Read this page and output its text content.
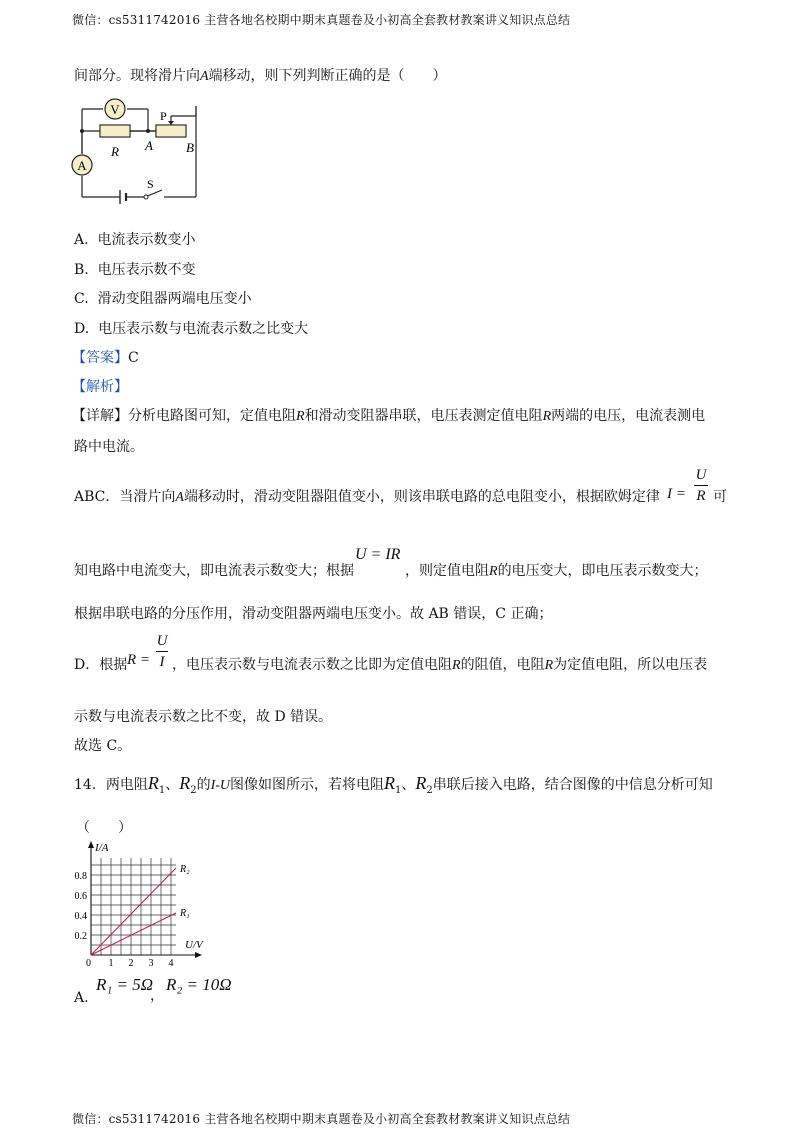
微信：cs5311742016 主营各地名校期中期末真题卷及小初高全套教材教案讲义知识点总结
间部分。现将滑片向A端移动，则下列判断正确的是（　　）
V
A
P
R A	B
S
A. 电流表示数变小
B. 电压表示数不变
C. 滑动变阻器两端电压变小
D. 电压表示数与电流表示数之比变大
【答案】C
【解析】
【详解】分析电路图可知，定值电阻R和滑动变阻器串联，电压表测定值电阻R两端的电压，电流表测电
路中电流。
ABC．当滑片向A端移动时，滑动变阻器阻值变小，则该串联电路的总电阻变小，根据欧姆定律 I =
U
R 可
知电路中电流变大，即电流表示数变大；根据
U = IR
，则定值电阻R的电压变大，即电压表示数变大；
根据串联电路的分压作用，滑动变阻器两端电压变小。故 AB 错误，C 正确；
D．根据 R =
U
I ，电压表示数与电流表示数之比即为定值电阻R的阻值，电阻R为定值电阻，所以电压表
示数与电流表示数之比不变，故 D 错误。
故选 C。
14．两电阻$R_1$、$R_2$的I-U图像如图所示，若将电阻$R_1$、$R_2$串联后接入电路，结合图像的中信息分析可知
（　　）
I/A
U/V
0
0.2
0.4
0.6
0.8
1 2 3 4
R₂
R₁
A.
R₁ = 5Ω
，
R₂ = 10Ω
微信：cs5311742016 主营各地名校期中期末真题卷及小初高全套教材教案讲义知识点总结
